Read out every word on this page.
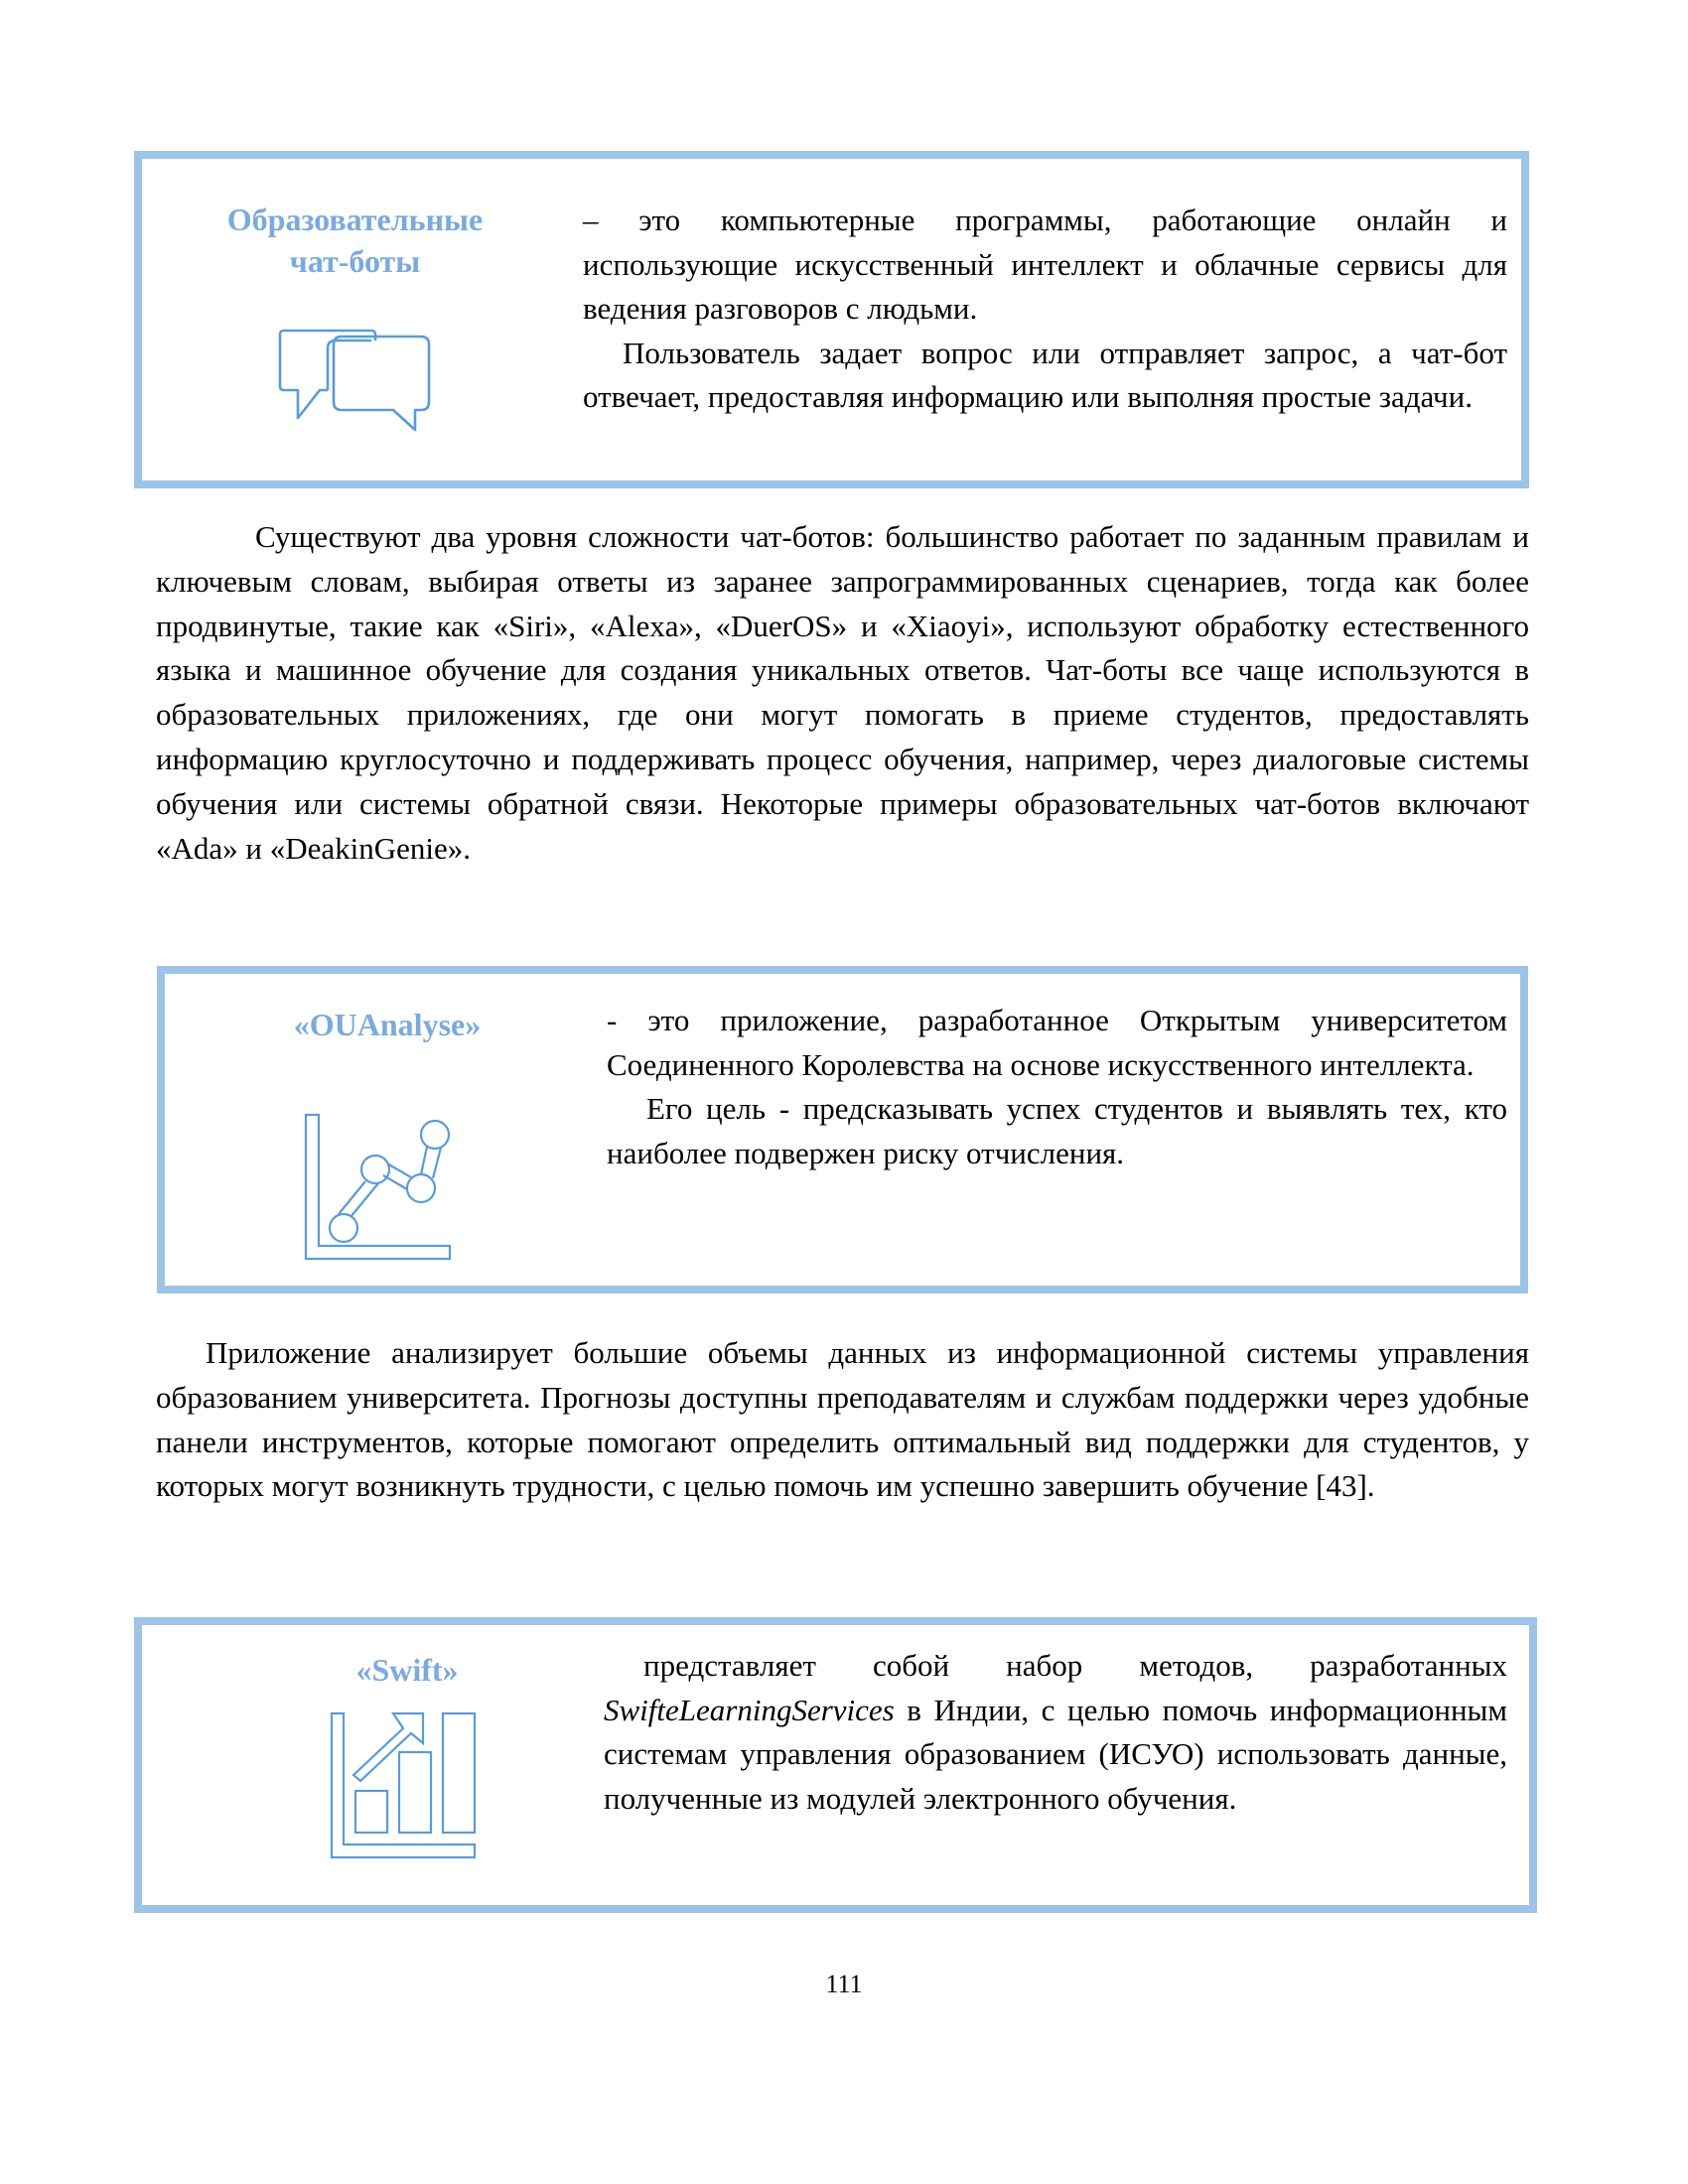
Образовательные
чат-боты

– это компьютерные программы, работающие онлайн и использующие искусственный интеллект и облачные сервисы для ведения разговоров с людьми.

Пользователь задает вопрос или отправляет запрос, а чат-бот отвечает, предоставляя информацию или выполняя простые задачи.

Существуют два уровня сложности чат-ботов: большинство работает по заданным правилам и ключевым словам, выбирая ответы из заранее запрограммированных сценариев, тогда как более продвинутые, такие как «Siri», «Alexa», «DuerOS» и «Xiaoyi», используют обработку естественного языка и машинное обучение для создания уникальных ответов. Чат-боты все чаще используются в образовательных приложениях, где они могут помогать в приеме студентов, предоставлять информацию круглосуточно и поддерживать процесс обучения, например, через диалоговые системы обучения или системы обратной связи. Некоторые примеры образовательных чат-ботов включают «Ada» и «DeakinGenie».

«OUAnalyse»	- это приложение, разработанное Открытым университетом Соединенного Королевства на основе искусственного интеллекта.

Его цель - предсказывать успех студентов и выявлять тех, кто наиболее подвержен риску отчисления.

Приложение анализирует большие объемы данных из информационной системы управления образованием университета. Прогнозы доступны преподавателям и службам поддержки через удобные панели инструментов, которые помогают определить оптимальный вид поддержки для студентов, у которых могут возникнуть трудности, с целью помочь им успешно завершить обучение [43].

«Swift»	представляет собой набор методов, разработанных SwifteLearningServices в Индии, с целью помочь информационным системам управления образованием (ИСУО) использовать данные, полученные из модулей электронного обучения.

111
